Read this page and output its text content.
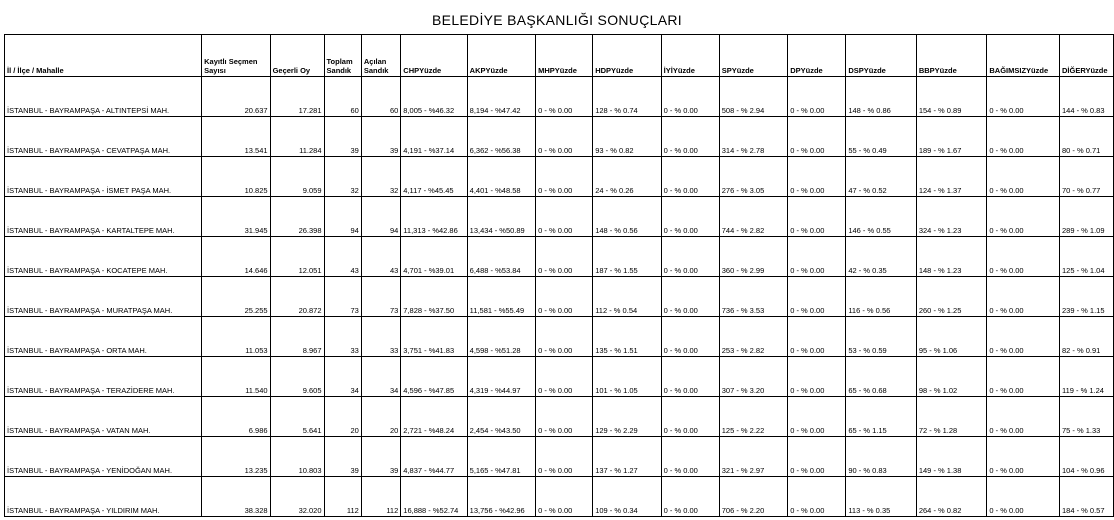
BELEDİYE BAŞKANLIĞI SONUÇLARI
İl / İlçe / Mahalle	Kayıtlı Seçmen Sayısı	Geçerli Oy	Toplam Sandık	Açılan Sandık	CHPYüzde	AKPYüzde	MHPYüzde	HDPYüzde	İYİYüzde	SPYüzde	DPYüzde	DSPYüzde	BBPYüzde	BAĞIMSIZYüzde	DİĞERYüzde
İSTANBUL - BAYRAMPAŞA - ALTINTEPSİ MAH.	20.637	17.281	60	60	8,005 - %46.32	8,194 - %47.42	0 - % 0.00	128 - % 0.74	0 - % 0.00	508 - % 2.94	0 - % 0.00	148 - % 0.86	154 - % 0.89	0 - % 0.00	144 - % 0.83
İSTANBUL - BAYRAMPAŞA - CEVATPAŞA MAH.	13.541	11.284	39	39	4,191 - %37.14	6,362 - %56.38	0 - % 0.00	93 - % 0.82	0 - % 0.00	314 - % 2.78	0 - % 0.00	55 - % 0.49	189 - % 1.67	0 - % 0.00	80 - % 0.71
İSTANBUL - BAYRAMPAŞA - İSMET PAŞA MAH.	10.825	9.059	32	32	4,117 - %45.45	4,401 - %48.58	0 - % 0.00	24 - % 0.26	0 - % 0.00	276 - % 3.05	0 - % 0.00	47 - % 0.52	124 - % 1.37	0 - % 0.00	70 - % 0.77
İSTANBUL - BAYRAMPAŞA - KARTALTEPE MAH.	31.945	26.398	94	94	11,313 - %42.86	13,434 - %50.89	0 - % 0.00	148 - % 0.56	0 - % 0.00	744 - % 2.82	0 - % 0.00	146 - % 0.55	324 - % 1.23	0 - % 0.00	289 - % 1.09
İSTANBUL - BAYRAMPAŞA - KOCATEPE MAH.	14.646	12.051	43	43	4,701 - %39.01	6,488 - %53.84	0 - % 0.00	187 - % 1.55	0 - % 0.00	360 - % 2.99	0 - % 0.00	42 - % 0.35	148 - % 1.23	0 - % 0.00	125 - % 1.04
İSTANBUL - BAYRAMPAŞA - MURATPAŞA MAH.	25.255	20.872	73	73	7,828 - %37.50	11,581 - %55.49	0 - % 0.00	112 - % 0.54	0 - % 0.00	736 - % 3.53	0 - % 0.00	116 - % 0.56	260 - % 1.25	0 - % 0.00	239 - % 1.15
İSTANBUL - BAYRAMPAŞA - ORTA MAH.	11.053	8.967	33	33	3,751 - %41.83	4,598 - %51.28	0 - % 0.00	135 - % 1.51	0 - % 0.00	253 - % 2.82	0 - % 0.00	53 - % 0.59	95 - % 1.06	0 - % 0.00	82 - % 0.91
İSTANBUL - BAYRAMPAŞA - TERAZİDERE MAH.	11.540	9.605	34	34	4,596 - %47.85	4,319 - %44.97	0 - % 0.00	101 - % 1.05	0 - % 0.00	307 - % 3.20	0 - % 0.00	65 - % 0.68	98 - % 1.02	0 - % 0.00	119 - % 1.24
İSTANBUL - BAYRAMPAŞA - VATAN MAH.	6.986	5.641	20	20	2,721 - %48.24	2,454 - %43.50	0 - % 0.00	129 - % 2.29	0 - % 0.00	125 - % 2.22	0 - % 0.00	65 - % 1.15	72 - % 1.28	0 - % 0.00	75 - % 1.33
İSTANBUL - BAYRAMPAŞA - YENİDOĞAN MAH.	13.235	10.803	39	39	4,837 - %44.77	5,165 - %47.81	0 - % 0.00	137 - % 1.27	0 - % 0.00	321 - % 2.97	0 - % 0.00	90 - % 0.83	149 - % 1.38	0 - % 0.00	104 - % 0.96
İSTANBUL - BAYRAMPAŞA - YILDIRIM MAH.	38.328	32.020	112	112	16,888 - %52.74	13,756 - %42.96	0 - % 0.00	109 - % 0.34	0 - % 0.00	706 - % 2.20	0 - % 0.00	113 - % 0.35	264 - % 0.82	0 - % 0.00	184 - % 0.57
